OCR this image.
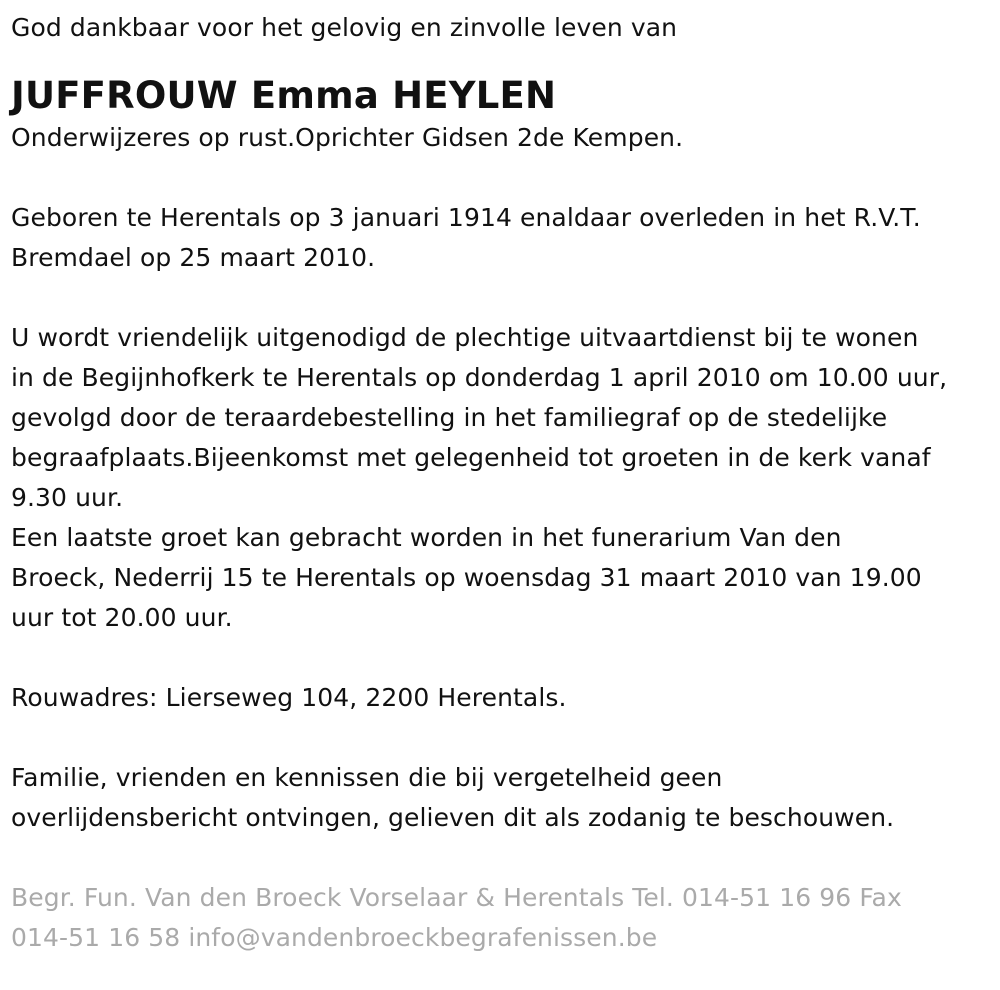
God dankbaar voor het gelovig en zinvolle leven van

JUFFROUW Emma HEYLEN

Onderwijzeres op rust.Oprichter Gidsen 2de Kempen.

Geboren te Herentals op 3 januari 1914 enaldaar overleden in het R.V.T.

Bremdael op 25 maart 2010.

U wordt vriendelijk uitgenodigd de plechtige uitvaartdienst bij te wonen

in de Begijnhofkerk te Herentals op donderdag 1 april 2010 om 10.00 uur,

gevolgd door de teraardebestelling in het familiegraf op de stedelijke

begraafplaats.Bijeenkomst met gelegenheid tot groeten in de kerk vanaf

9.30 uur.

Een laatste groet kan gebracht worden in het funerarium Van den

Broeck, Nederrij 15 te Herentals op woensdag 31 maart 2010 van 19.00

uur tot 20.00 uur.

Rouwadres: Lierseweg 104, 2200 Herentals.

Familie, vrienden en kennissen die bij vergetelheid geen

overlijdensbericht ontvingen, gelieven dit als zodanig te beschouwen.

Begr. Fun. Van den Broeck Vorselaar & Herentals Tel. 014-51 16 96 Fax

014-51 16 58 info@vandenbroeckbegrafenissen.be
